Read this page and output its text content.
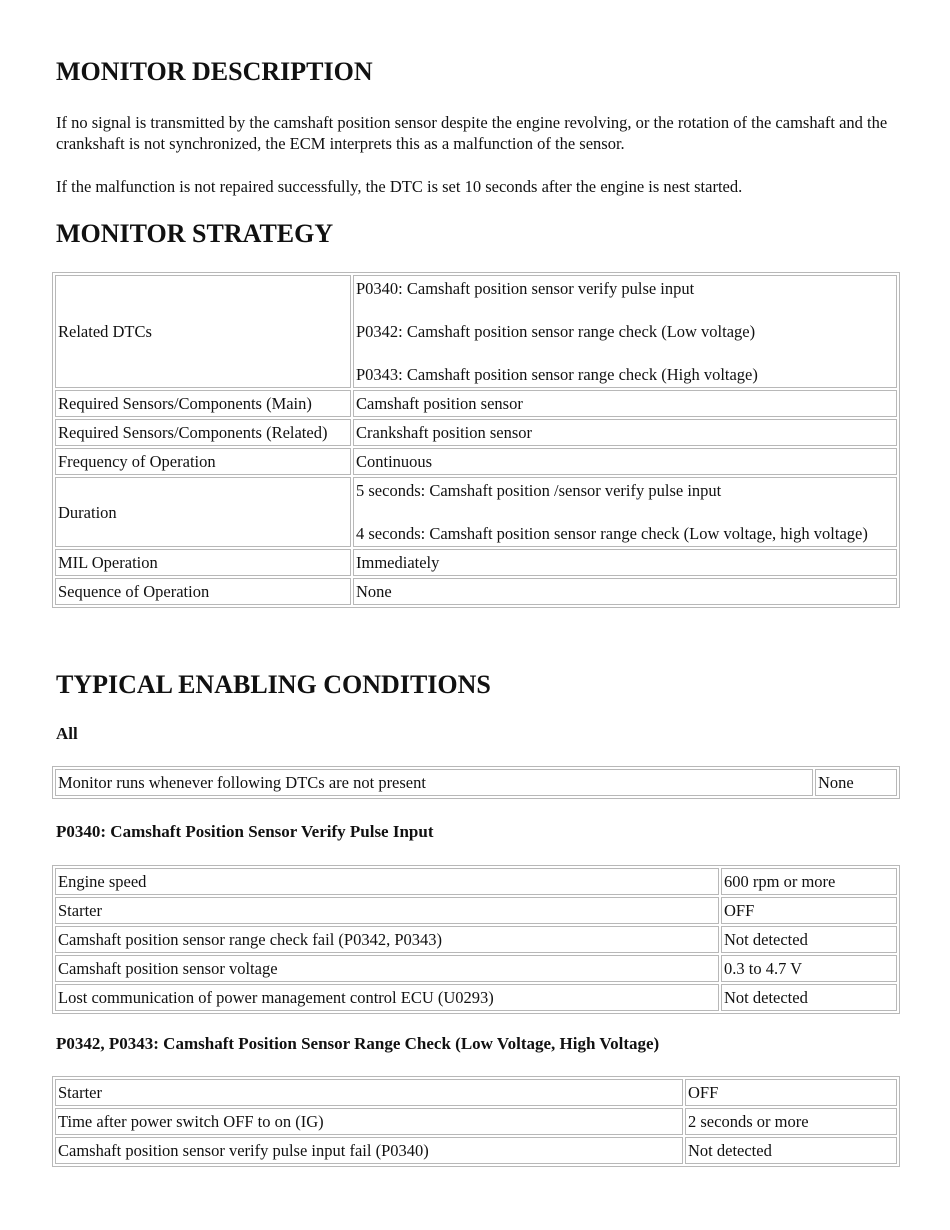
MONITOR DESCRIPTION

If no signal is transmitted by the camshaft position sensor despite the engine revolving, or the rotation of the camshaft and the crankshaft is not synchronized, the ECM interprets this as a malfunction of the sensor.

If the malfunction is not repaired successfully, the DTC is set 10 seconds after the engine is nest started.

MONITOR STRATEGY
Related DTCs	P0340: Camshaft position sensor verify pulse input
P0342: Camshaft position sensor range check (Low voltage)
P0343: Camshaft position sensor range check (High voltage)

Required Sensors/Components (Main)	Camshaft position sensor
Required Sensors/Components (Related)	Crankshaft position sensor
Frequency of Operation	Continuous
Duration	5 seconds: Camshaft position /sensor verify pulse input
4 seconds: Camshaft position sensor range check (Low voltage, high voltage)

MIL Operation	Immediately
Sequence of Operation	None
TYPICAL ENABLING CONDITIONS
All
Monitor runs whenever following DTCs are not present	None
P0340: Camshaft Position Sensor Verify Pulse Input
Engine speed	600 rpm or more
Starter	OFF
Camshaft position sensor range check fail (P0342, P0343)	Not detected
Camshaft position sensor voltage	0.3 to 4.7 V
Lost communication of power management control ECU (U0293)	Not detected
P0342, P0343: Camshaft Position Sensor Range Check (Low Voltage, High Voltage)
Starter	OFF
Time after power switch OFF to on (IG)	2 seconds or more
Camshaft position sensor verify pulse input fail (P0340)	Not detected
